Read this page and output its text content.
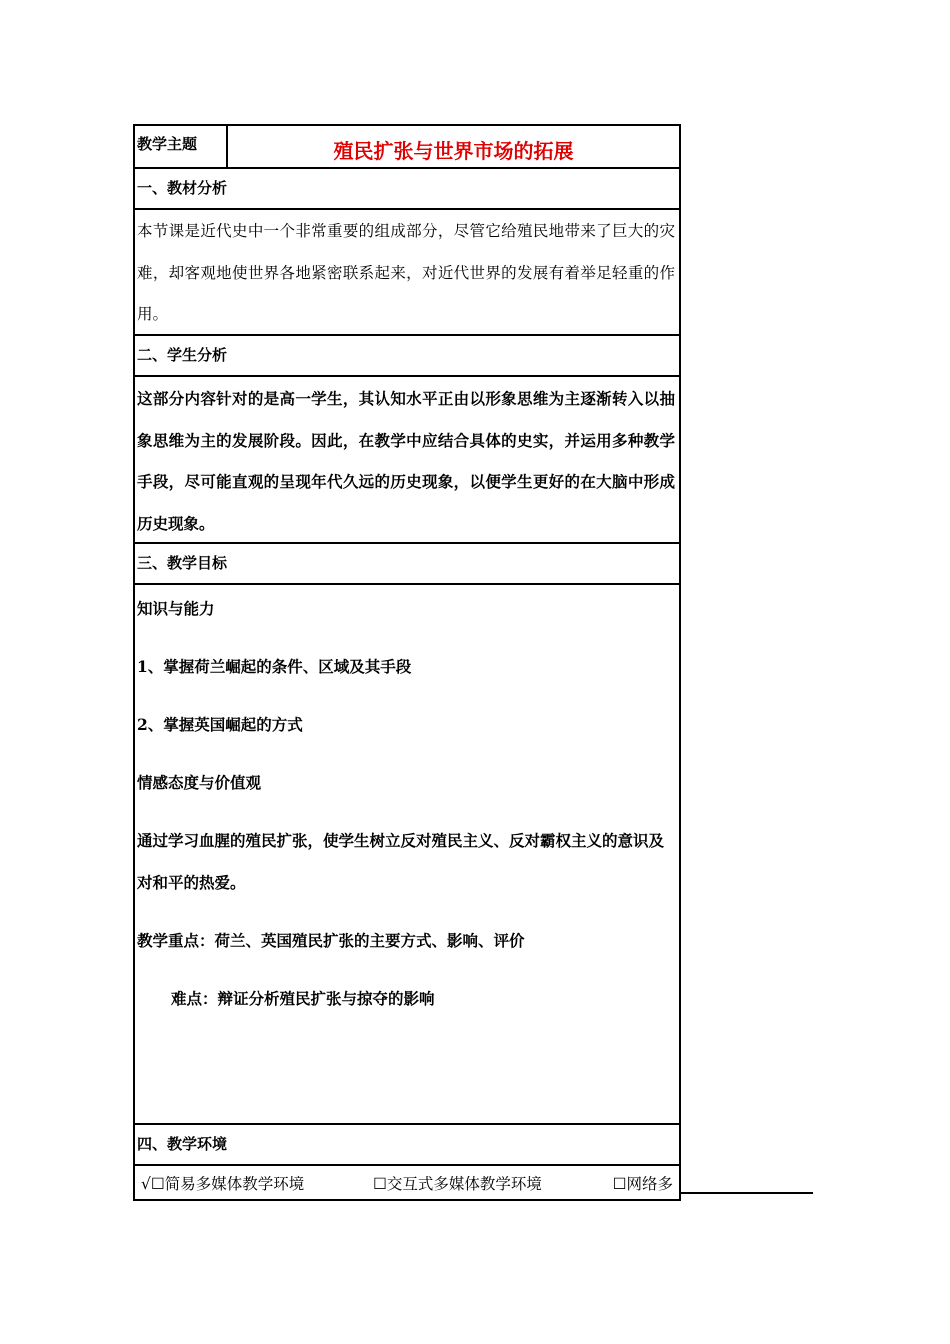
教学主题	殖民扩张与世界市场的拓展
一、教材分析
本节课是近代史中一个非常重要的组成部分，尽管它给殖民地带来了巨大的灾难，却客观地使世界各地紧密联系起来，对近代世界的发展有着举足轻重的作用。
二、学生分析
这部分内容针对的是高一学生，其认知水平正由以形象思维为主逐渐转入以抽象思维为主的发展阶段。因此，在教学中应结合具体的史实，并运用多种教学手段，尽可能直观的呈现年代久远的历史现象，以便学生更好的在大脑中形成历史现象。
三、教学目标

知识与能力

1、掌握荷兰崛起的条件、区域及其手段

2、掌握英国崛起的方式

情感态度与价值观

通过学习血腥的殖民扩张，使学生树立反对殖民主义、反对霸权主义的意识及对和平的热爱。

教学重点：荷兰、英国殖民扩张的主要方式、影响、评价

难点：辩证分析殖民扩张与掠夺的影响

四、教学环境
√☐简易多媒体教学环境	☐交互式多媒体教学环境	☐网络多
